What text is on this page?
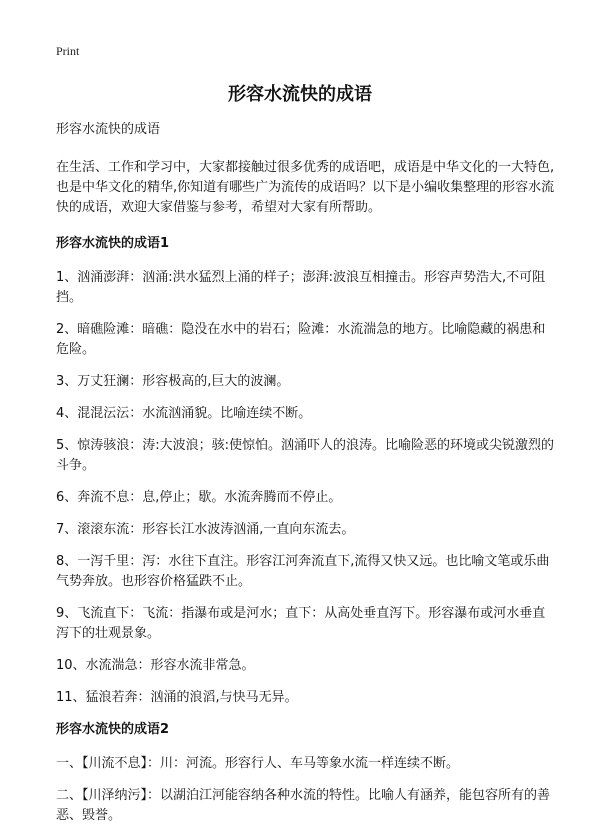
Print
形容水流快的成语
形容水流快的成语
在生活、工作和学习中，大家都接触过很多优秀的成语吧，成语是中华文化的一大特色,也是中华文化的精华,你知道有哪些广为流传的成语吗？以下是小编收集整理的形容水流快的成语，欢迎大家借鉴与参考，希望对大家有所帮助。
形容水流快的成语1
1、汹涌澎湃：汹涌:洪水猛烈上涌的样子；澎湃:波浪互相撞击。形容声势浩大,不可阻挡。
2、暗礁险滩：暗礁：隐没在水中的岩石；险滩：水流湍急的地方。比喻隐藏的祸患和危险。
3、万丈狂澜：形容极高的,巨大的波澜。
4、混混沄沄：水流汹涌貌。比喻连续不断。
5、惊涛骇浪：涛:大波浪；骇:使惊怕。汹涌吓人的浪涛。比喻险恶的环境或尖锐激烈的斗争。
6、奔流不息：息,停止；歇。水流奔腾而不停止。
7、滚滚东流：形容长江水波涛汹涌,一直向东流去。
8、一泻千里：泻：水往下直注。形容江河奔流直下,流得又快又远。也比喻文笔或乐曲气势奔放。也形容价格猛跌不止。
9、飞流直下：飞流：指瀑布或是河水；直下：从高处垂直泻下。形容瀑布或河水垂直泻下的壮观景象。
10、水流湍急：形容水流非常急。
11、猛浪若奔：汹涌的浪滔,与快马无异。
形容水流快的成语2
一、【川流不息】：川：河流。形容行人、车马等象水流一样连续不断。
二、【川泽纳污】：以湖泊江河能容纳各种水流的特性。比喻人有涵养，能包容所有的善恶、毁誉。
